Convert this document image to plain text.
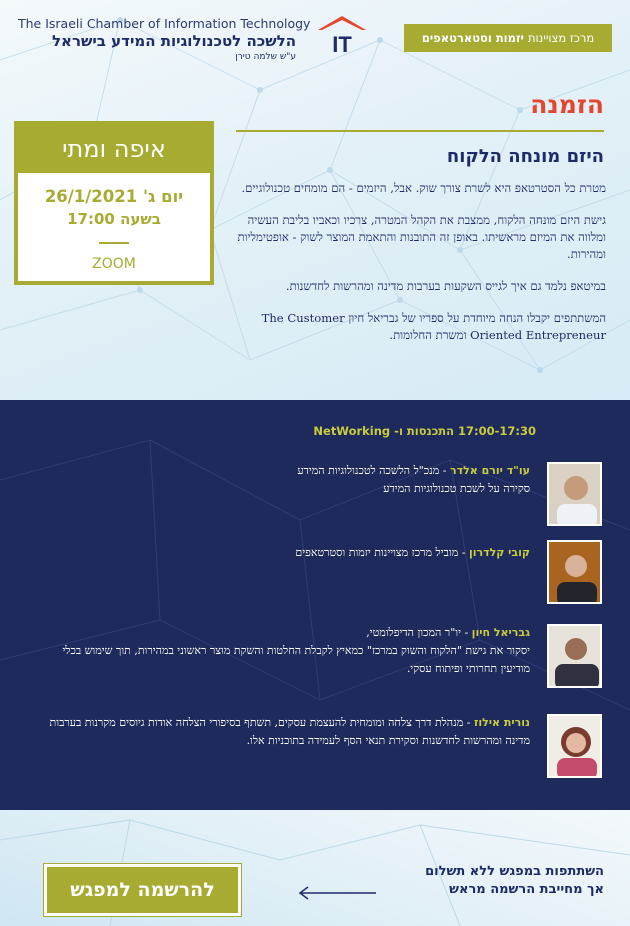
The Israeli Chamber of Information Technology
הלשכה לטכנולוגיות המידע בישראל
ע"ש שלמה טירן IT	מרכז מצויינות
יזמות וסטארטאפים
איפה ומתי
יום ג' 26/1/2021
בשעה 17:00
ZOOM
הזמנה
היזם מונחה הלקוח

מטרת כל הסטרטאפ היא לשרת צורך שוק. אבל, היזמים - הם מומחים טכנולוגיים.

גישת היזם מונחה הלקוח, ממצבת את הקהל המטרה, צרכיו וכאביו בליבת העשיה ומלווה את המיזם מראשיתו. באופן זה התובנות והתאמת המוצר לשוק - אופטימליות ומהירות.

במיטאפ נלמד גם איך לגייס השקעות בערבות מדינה ומהרשות לחדשנות.

המשתתפים יקבלו הנחה מיוחדת על ספריו של גבריאל חיון The Customer Oriented Entrepreneur ומשרת החלומות.

17:00-17:30 התכנסות ו- NetWorking
עו"ד יורם אלדר - מנכ"ל הלשכה לטכנולוגיות המידע
סקירה על לשכת טכנולוגיות המידע
קובי קלדרון - מוביל מרכז מצויינות יזמות וסטרטאפים
גבריאל חיון - יו"ר המכון הדיפלומטי,
יסקור את גישת "הלקוח והשוק במרכז" כמאיץ לקבלת החלטות והשקת מוצר ראשוני במהירות, תוך שימוש בכלי מודיעין תחרותי ופיתוח עסקי.
נורית אילוז - מנהלת דרך צלחה ומומחית להעצמת עסקים, תשתף בסיפורי הצלחה אודות גיוסים מקרנות בערבות מדינה ומהרשות לחדשנות וסקירת תנאי הסף לעמידה בתוכניות אלו.
להרשמה למפגש
השתתפות במפגש ללא תשלום
אך מחייבת הרשמה מראש
